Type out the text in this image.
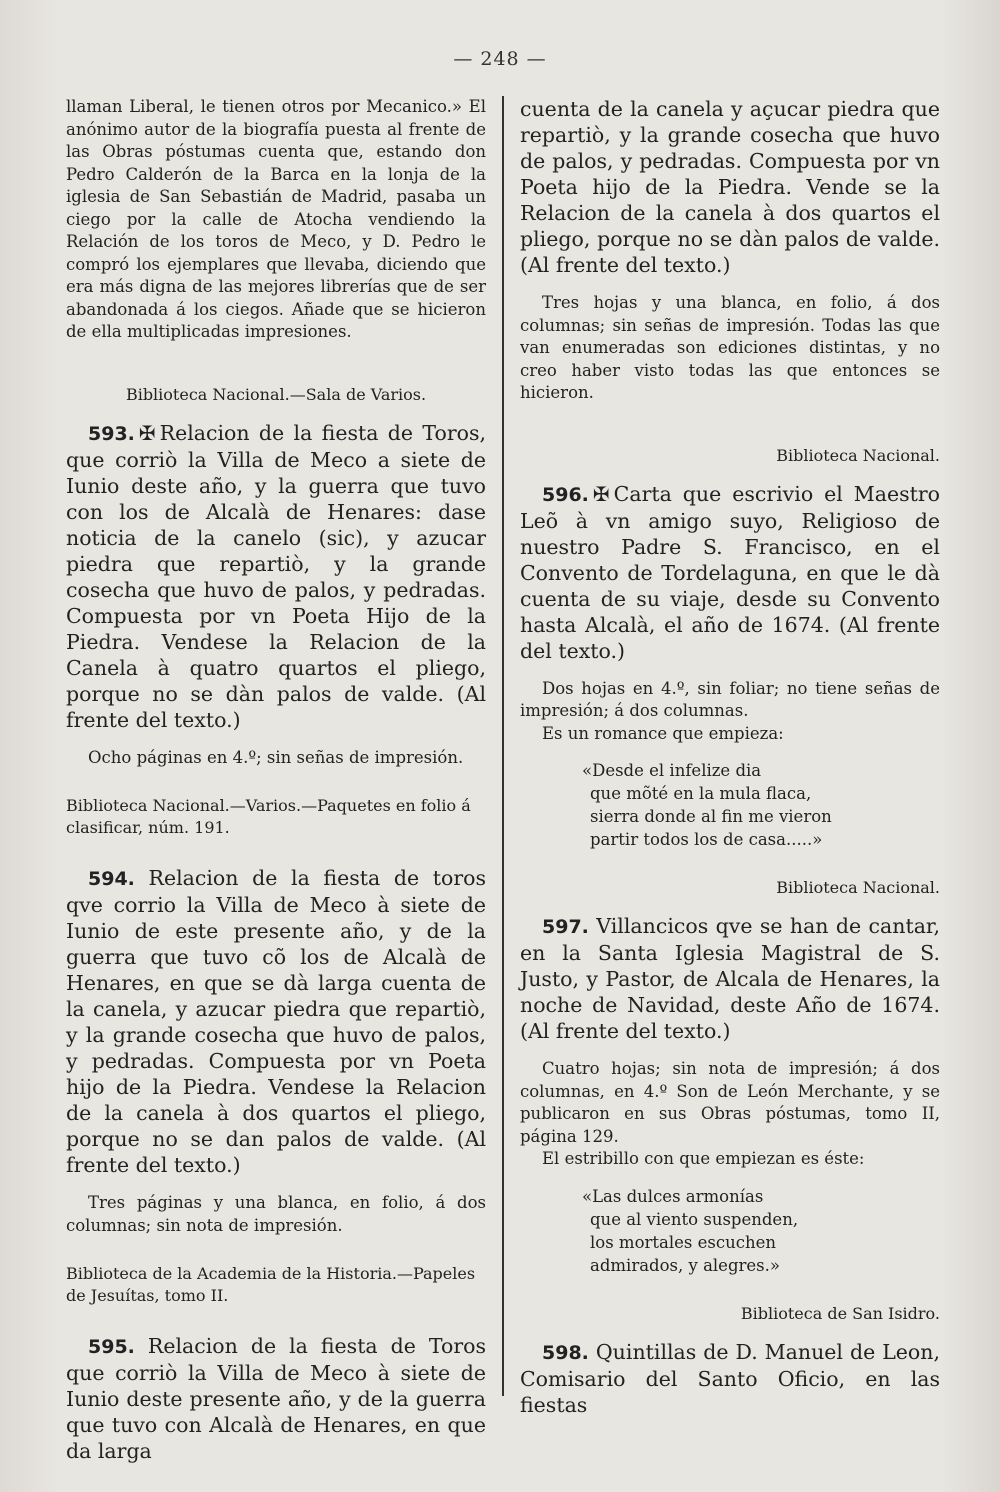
— 248 —

llaman Liberal, le tienen otros por Mecanico.» El anónimo autor de la biografía puesta al frente de las Obras póstumas cuenta que, estando don Pedro Calderón de la Barca en la lonja de la iglesia de San Sebastián de Madrid, pasaba un ciego por la calle de Atocha vendiendo la Relación de los toros de Meco, y D. Pedro le compró los ejemplares que llevaba, diciendo que era más digna de las mejores librerías que de ser abandonada á los ciegos. Añade que se hicieron de ella multiplicadas impresiones.

Biblioteca Nacional.—Sala de Varios.

593. ✠ Relacion de la fiesta de Toros, que corriò la Villa de Meco a siete de Iunio deste año, y la guerra que tuvo con los de Alcalà de Henares: dase noticia de la canelo (sic), y azucar piedra que repartiò, y la grande cosecha que huvo de palos, y pedradas. Compuesta por vn Poeta Hijo de la Piedra. Vendese la Relacion de la Canela à quatro quartos el pliego, porque no se dàn palos de valde. (Al frente del texto.)

Ocho páginas en 4.º; sin señas de impresión.

Biblioteca Nacional.—Varios.—Paquetes en folio á clasificar, núm. 191.

594. Relacion de la fiesta de toros qve corrio la Villa de Meco à siete de Iunio de este presente año, y de la guerra que tuvo cõ los de Alcalà de Henares, en que se dà larga cuenta de la canela, y azucar piedra que repartiò, y la grande cosecha que huvo de palos, y pedradas. Compuesta por vn Poeta hijo de la Piedra. Vendese la Relacion de la canela à dos quartos el pliego, porque no se dan palos de valde. (Al frente del texto.)

Tres páginas y una blanca, en folio, á dos columnas; sin nota de impresión.

Biblioteca de la Academia de la Historia.—Papeles de Jesuítas, tomo II.

595. Relacion de la fiesta de Toros que corriò la Villa de Meco à siete de Iunio deste presente año, y de la guerra que tuvo con Alcalà de Henares, en que da larga

cuenta de la canela y açucar piedra que repartiò, y la grande cosecha que huvo de palos, y pedradas. Compuesta por vn Poeta hijo de la Piedra. Vende se la Relacion de la canela à dos quartos el pliego, porque no se dàn palos de valde. (Al frente del texto.)

Tres hojas y una blanca, en folio, á dos columnas; sin señas de impresión. Todas las que van enumeradas son ediciones distintas, y no creo haber visto todas las que entonces se hicieron.

Biblioteca Nacional.

596. ✠ Carta que escrivio el Maestro Leõ à vn amigo suyo, Religioso de nuestro Padre S. Francisco, en el Convento de Tordelaguna, en que le dà cuenta de su viaje, desde su Convento hasta Alcalà, el año de 1674. (Al frente del texto.)

Dos hojas en 4.º, sin foliar; no tiene señas de impresión; á dos columnas.

Es un romance que empieza:

«Desde el infelize dia

que mõté en la mula flaca,

sierra donde al fin me vieron

partir todos los de casa.....»

Biblioteca Nacional.

597. Villancicos qve se han de cantar, en la Santa Iglesia Magistral de S. Justo, y Pastor, de Alcala de Henares, la noche de Navidad, deste Año de 1674. (Al frente del texto.)

Cuatro hojas; sin nota de impresión; á dos columnas, en 4.º Son de León Merchante, y se publicaron en sus Obras póstumas, tomo II, página 129.

El estribillo con que empiezan es éste:

«Las dulces armonías

que al viento suspenden,

los mortales escuchen

admirados, y alegres.»

Biblioteca de San Isidro.

598. Quintillas de D. Manuel de Leon, Comisario del Santo Oficio, en las fiestas
